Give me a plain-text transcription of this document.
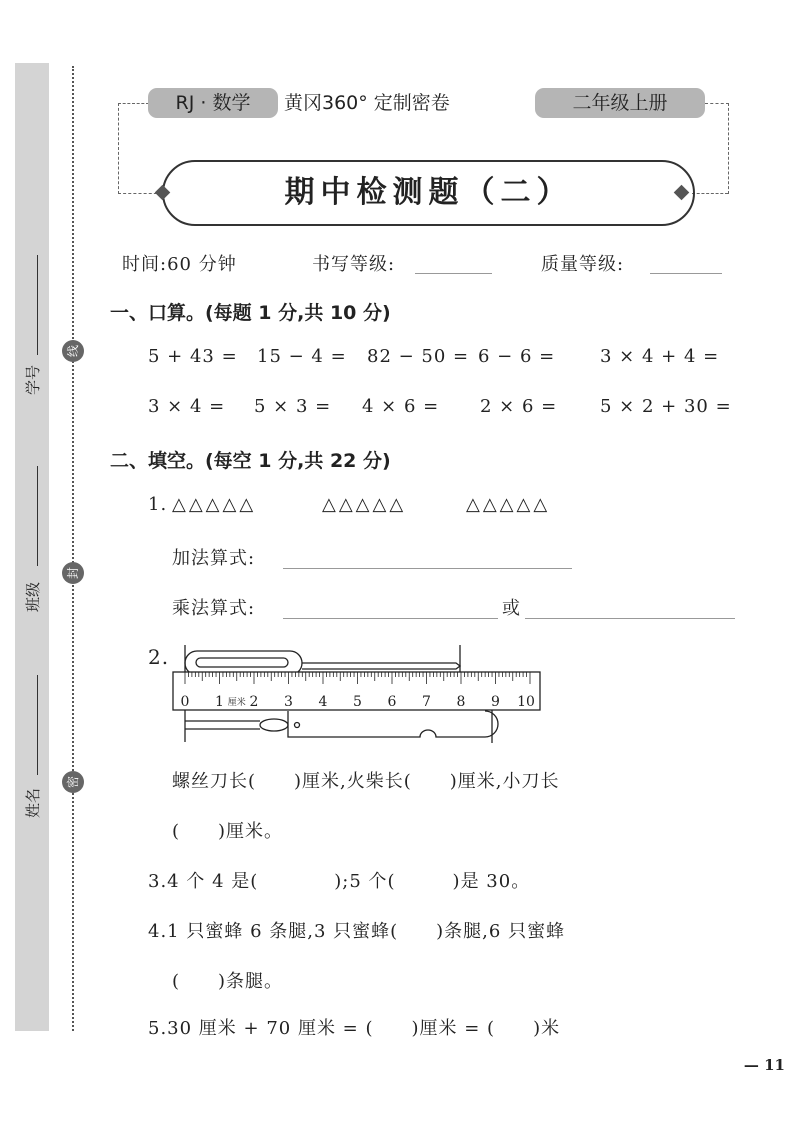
学号
班级
姓名
线
封
密
RJ · 数学	黄冈360° 定制密卷	二年级上册
期中检测题（二）
时间:60 分钟	书写等级:	质量等级:
一、口算。(每题 1 分,共 10 分)
5 + 43 = 15 − 4 = 82 − 50 = 6 − 6 = 3 × 4 + 4 =
3 × 4 = 5 × 3 = 4 × 6 = 2 × 6 = 5 × 2 + 30 =
二、填空。(每空 1 分,共 22 分)
1. △△△△△	△△△△△	△△△△△
加法算式:
乘法算式:	或
2.
0 1 2 3 4 5 6 7 8 9 10
厘米
螺丝刀长(　　)厘米,火柴长(　　)厘米,小刀长
(　　)厘米。
3.4 个 4 是(　　　　);5 个(　　　)是 30。
4.1 只蜜蜂 6 条腿,3 只蜜蜂(　　)条腿,6 只蜜蜂
(　　)条腿。
5.30 厘米 + 70 厘米 = (　　)厘米 = (　　)米
— 11
